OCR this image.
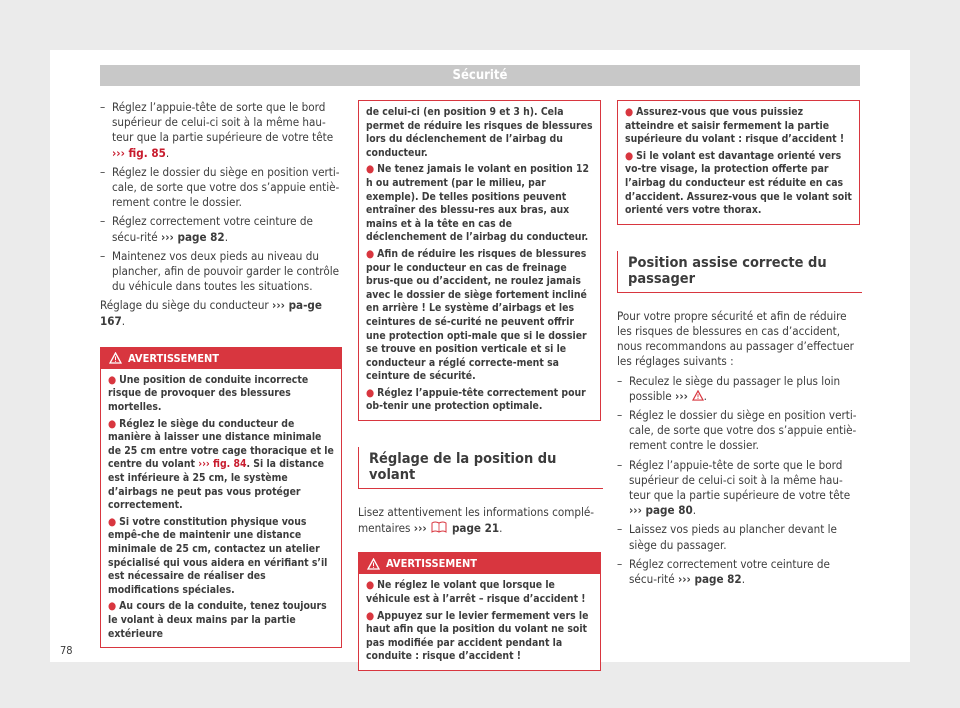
Sécurité
– Réglez l’appuie-tête de sorte que le bord supérieur de celui-ci soit à la même hau-teur que la partie supérieure de votre tête ››› fig. 85.
– Réglez le dossier du siège en position verti-cale, de sorte que votre dos s’appuie entiè-rement contre le dossier.
– Réglez correctement votre ceinture de sécu-rité ››› page 82.
– Maintenez vos deux pieds au niveau du plancher, afin de pouvoir garder le contrôle du véhicule dans toutes les situations.

Réglage du siège du conducteur ››› pa-ge 167.

AVERTISSEMENT

● Une position de conduite incorrecte risque de provoquer des blessures mortelles.

● Réglez le siège du conducteur de manière à laisser une distance minimale de 25 cm entre votre cage thoracique et le centre du volant ››› fig. 84. Si la distance est inférieure à 25 cm, le système d’airbags ne peut pas vous protéger correctement.

● Si votre constitution physique vous empê-che de maintenir une distance minimale de 25 cm, contactez un atelier spécialisé qui vous aidera en vérifiant s’il est nécessaire de réaliser des modifications spéciales.

● Au cours de la conduite, tenez toujours le volant à deux mains par la partie extérieure

de celui-ci (en position 9 et 3 h). Cela permet de réduire les risques de blessures lors du déclenchement de l’airbag du conducteur.

● Ne tenez jamais le volant en position 12 h ou autrement (par le milieu, par exemple). De telles positions peuvent entraîner des blessu-res aux bras, aux mains et à la tête en cas de déclenchement de l’airbag du conducteur.

● Afin de réduire les risques de blessures pour le conducteur en cas de freinage brus-que ou d’accident, ne roulez jamais avec le dossier de siège fortement incliné en arrière ! Le système d’airbags et les ceintures de sé-curité ne peuvent offrir une protection opti-male que si le dossier se trouve en position verticale et si le conducteur a réglé correcte-ment sa ceinture de sécurité.

● Réglez l’appuie-tête correctement pour ob-tenir une protection optimale.

Réglage de la position du volant

Lisez attentivement les informations complé-mentaires ››› page 21.

AVERTISSEMENT

● Ne réglez le volant que lorsque le véhicule est à l’arrêt – risque d’accident !

● Appuyez sur le levier fermement vers le haut afin que la position du volant ne soit pas modifiée par accident pendant la conduite : risque d’accident !

● Assurez-vous que vous puissiez atteindre et saisir fermement la partie supérieure du volant : risque d’accident !

● Si le volant est davantage orienté vers vo-tre visage, la protection offerte par l’airbag du conducteur est réduite en cas d’accident. Assurez-vous que le volant soit orienté vers votre thorax.

Position assise correcte du passager

Pour votre propre sécurité et afin de réduire les risques de blessures en cas d’accident, nous recommandons au passager d’effectuer les réglages suivants :

– Reculez le siège du passager le plus loin possible ››› .
– Réglez le dossier du siège en position verti-cale, de sorte que votre dos s’appuie entiè-rement contre le dossier.
– Réglez l’appuie-tête de sorte que le bord supérieur de celui-ci soit à la même hau-teur que la partie supérieure de votre tête ››› page 80.
– Laissez vos pieds au plancher devant le siège du passager.
– Réglez correctement votre ceinture de sécu-rité ››› page 82.
78
